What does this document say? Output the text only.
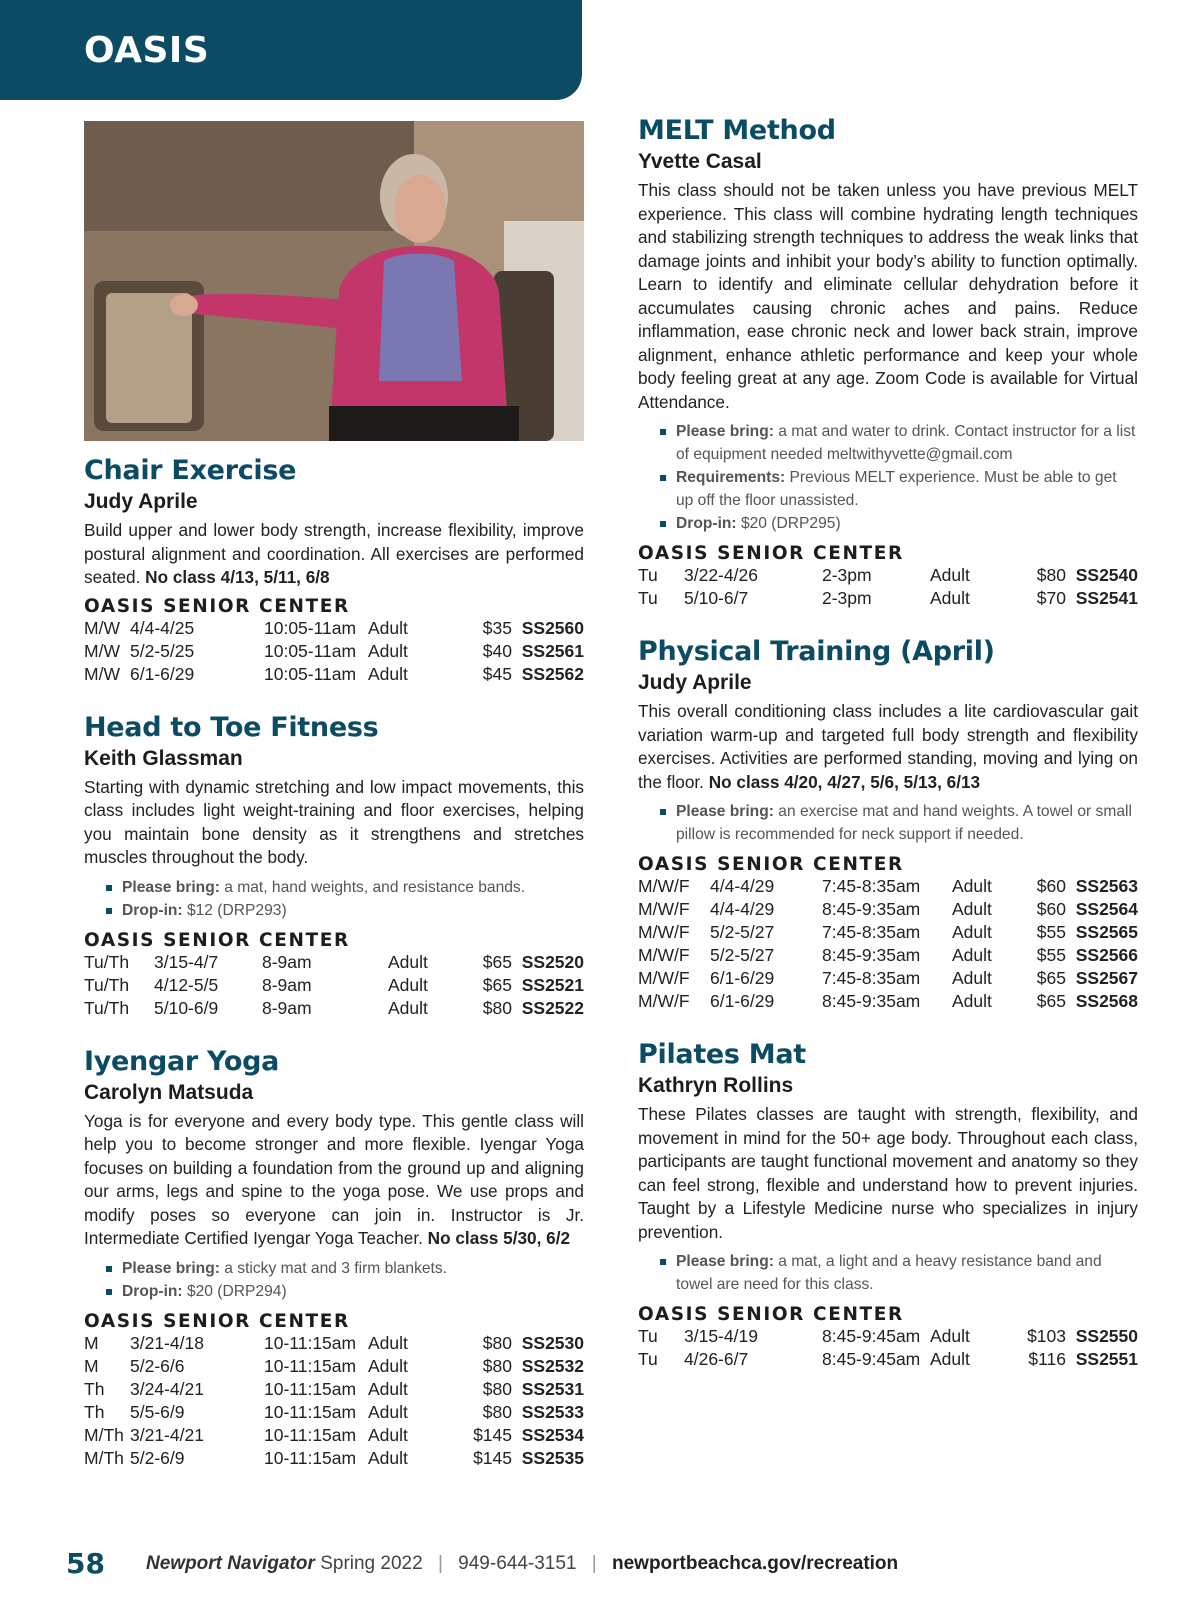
OASIS
Chair Exercise
Judy Aprile
Build upper and lower body strength, increase flexibility, improve postural alignment and coordination. All exercises are performed seated. No class 4/13, 5/11, 6/8
OASIS SENIOR CENTER
M/W	4/4-4/25	10:05-11am	Adult	$35	SS2560
M/W	5/2-5/25	10:05-11am	Adult	$40	SS2561
M/W	6/1-6/29	10:05-11am	Adult	$45	SS2562
Head to Toe Fitness
Keith Glassman
Starting with dynamic stretching and low impact movements, this class includes light weight-training and floor exercises, helping you maintain bone density as it strengthens and stretches muscles throughout the body.
Please bring: a mat, hand weights, and resistance bands.
Drop-in: $12 (DRP293)
OASIS SENIOR CENTER
Tu/Th	3/15-4/7	8-9am	Adult	$65	SS2520
Tu/Th	4/12-5/5	8-9am	Adult	$65	SS2521
Tu/Th	5/10-6/9	8-9am	Adult	$80	SS2522
Iyengar Yoga
Carolyn Matsuda
Yoga is for everyone and every body type. This gentle class will help you to become stronger and more flexible. Iyengar Yoga focuses on building a foundation from the ground up and aligning our arms, legs and spine to the yoga pose. We use props and modify poses so everyone can join in. Instructor is Jr. Intermediate Certified Iyengar Yoga Teacher. No class 5/30, 6/2
Please bring: a sticky mat and 3 firm blankets.
Drop-in: $20 (DRP294)
OASIS SENIOR CENTER
M	3/21-4/18	10-11:15am	Adult	$80	SS2530
M	5/2-6/6	10-11:15am	Adult	$80	SS2532
Th	3/24-4/21	10-11:15am	Adult	$80	SS2531
Th	5/5-6/9	10-11:15am	Adult	$80	SS2533
M/Th	3/21-4/21	10-11:15am	Adult	$145	SS2534
M/Th	5/2-6/9	10-11:15am	Adult	$145	SS2535
MELT Method
Yvette Casal
This class should not be taken unless you have previous MELT experience. This class will combine hydrating length techniques and stabilizing strength techniques to address the weak links that damage joints and inhibit your body’s ability to function optimally. Learn to identify and eliminate cellular dehydration before it accumulates causing chronic aches and pains. Reduce inflammation, ease chronic neck and lower back strain, improve alignment, enhance athletic performance and keep your whole body feeling great at any age. Zoom Code is available for Virtual Attendance.
Please bring: a mat and water to drink. Contact instructor for a list of equipment needed meltwithyvette@gmail.com
Requirements: Previous MELT experience. Must be able to get up off the floor unassisted.
Drop-in: $20 (DRP295)
OASIS SENIOR CENTER
Tu	3/22-4/26	2-3pm	Adult	$80	SS2540
Tu	5/10-6/7	2-3pm	Adult	$70	SS2541
Physical Training (April)
Judy Aprile
This overall conditioning class includes a lite cardiovascular gait variation warm-up and targeted full body strength and flexibility exercises. Activities are performed standing, moving and lying on the floor. No class 4/20, 4/27, 5/6, 5/13, 6/13
Please bring: an exercise mat and hand weights. A towel or small pillow is recommended for neck support if needed.
OASIS SENIOR CENTER
M/W/F	4/4-4/29	7:45-8:35am	Adult	$60	SS2563
M/W/F	4/4-4/29	8:45-9:35am	Adult	$60	SS2564
M/W/F	5/2-5/27	7:45-8:35am	Adult	$55	SS2565
M/W/F	5/2-5/27	8:45-9:35am	Adult	$55	SS2566
M/W/F	6/1-6/29	7:45-8:35am	Adult	$65	SS2567
M/W/F	6/1-6/29	8:45-9:35am	Adult	$65	SS2568
Pilates Mat
Kathryn Rollins
These Pilates classes are taught with strength, flexibility, and movement in mind for the 50+ age body. Throughout each class, participants are taught functional movement and anatomy so they can feel strong, flexible and understand how to prevent injuries. Taught by a Lifestyle Medicine nurse who specializes in injury prevention.
Please bring: a mat, a light and a heavy resistance band and towel are need for this class.
OASIS SENIOR CENTER
Tu	3/15-4/19	8:45-9:45am	Adult	$103	SS2550
Tu	4/26-6/7	8:45-9:45am	Adult	$116	SS2551
58 Newport Navigator Spring 2022 | 949-644-3151 | newportbeachca.gov/recreation
